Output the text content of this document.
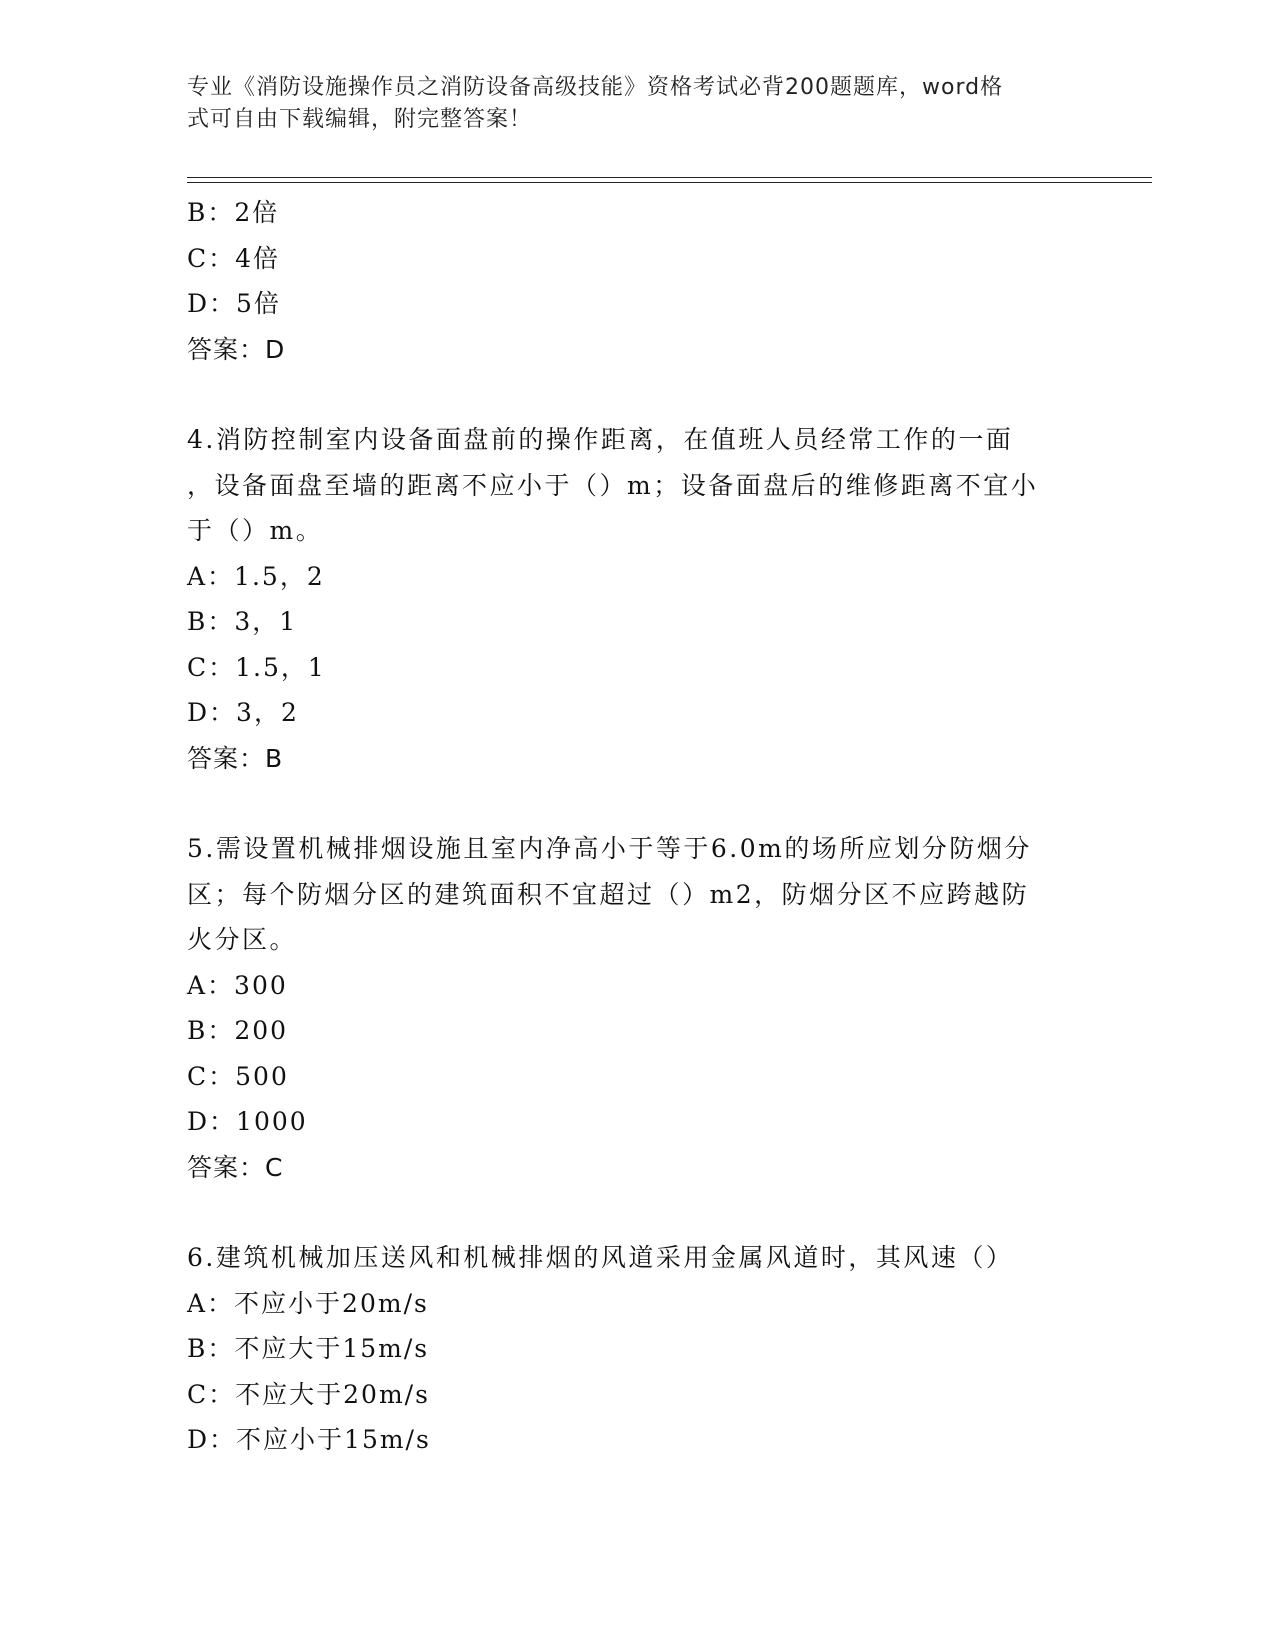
专业《消防设施操作员之消防设备高级技能》资格考试必背200题题库，word格
式可自由下载编辑，附完整答案！
B：2倍
C：4倍
D：5倍
答案：D
4.消防控制室内设备面盘前的操作距离，在值班人员经常工作的一面
，设备面盘至墙的距离不应小于（）m；设备面盘后的维修距离不宜小
于（）m。
A：1.5，2
B：3，1
C：1.5，1
D：3，2
答案：B
5.需设置机械排烟设施且室内净高小于等于6.0m的场所应划分防烟分
区；每个防烟分区的建筑面积不宜超过（）m2，防烟分区不应跨越防
火分区。
A：300
B：200
C：500
D：1000
答案：C
6.建筑机械加压送风和机械排烟的风道采用金属风道时，其风速（）
A：不应小于20m/s
B：不应大于15m/s
C：不应大于20m/s
D：不应小于15m/s
